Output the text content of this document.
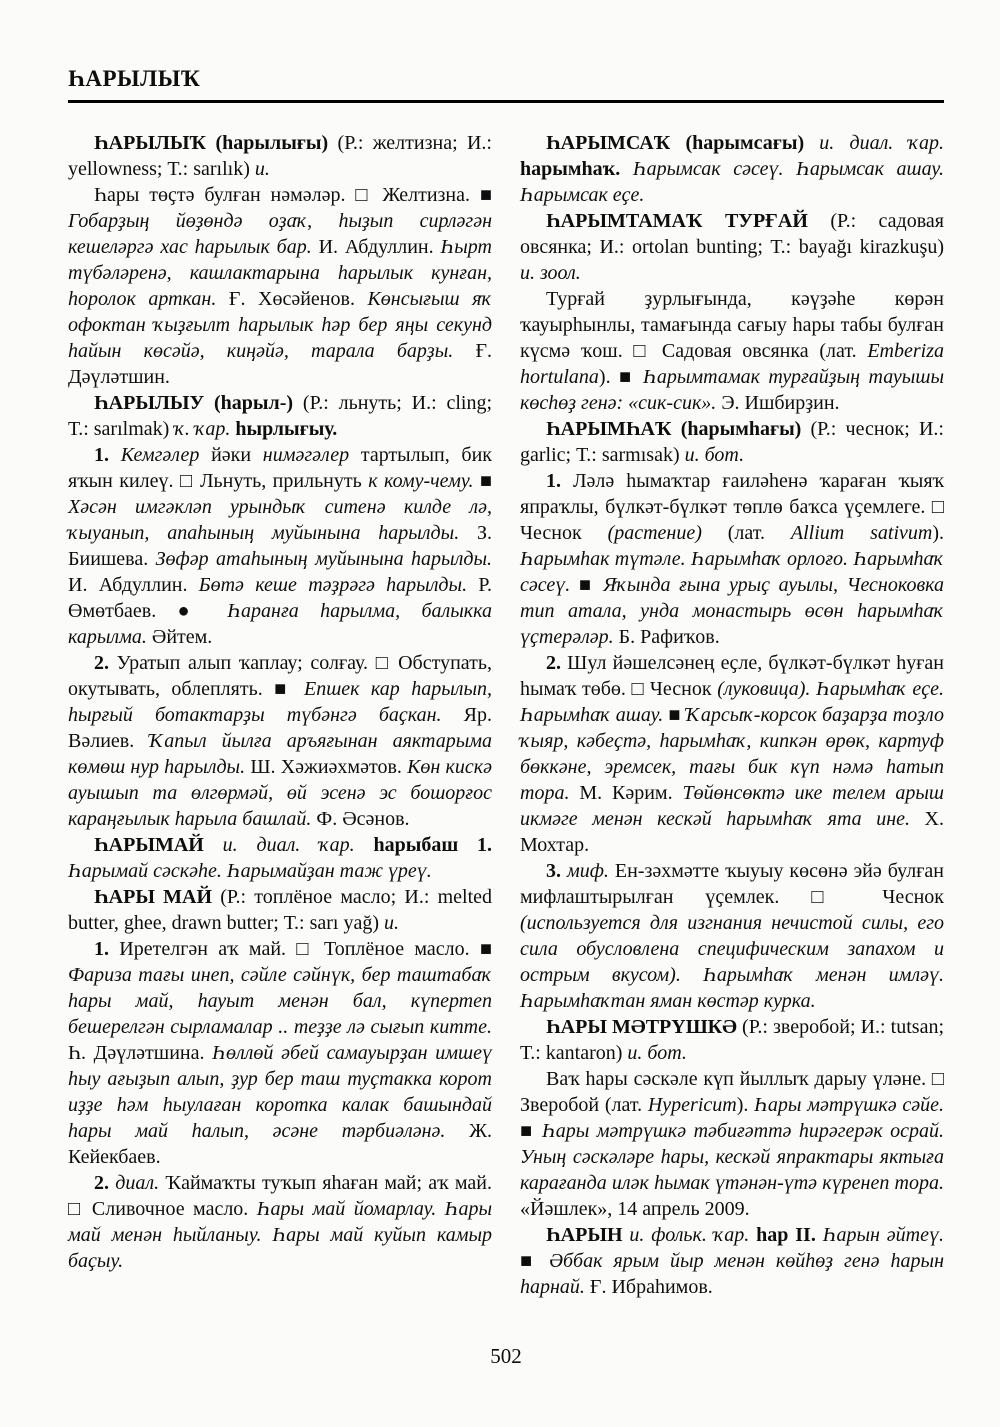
ҺАРЫЛЫҠ

ҺАРЫЛЫҠ (һарылығы) (Р.: желтизна; И.: yellowness; Т.: sarılık) и.

Һары төҫтә булған нәмәләр. □ Желтизна. ■ Гобарҙың йөҙөндә оҙаҡ, һыҙып сирләгән кешеләргә хас һарылык бар. И. Абдуллин. Һырт түбәләренә, кашлактарына һарылык кунған, һоролок арткан. Ғ. Хөсәйенов. Көнсығыш яҡ офоктан ҡыҙғылт һарылык һәр бер яңы секунд һайын көсәйә, киңәйә, тарала барҙы. Ғ. Дәүләтшин.

ҺАРЫЛЫУ (һарыл-) (Р.: льнуть; И.: cling; Т.: sarılmak) ҡ. ҡар. һырлығыу.

1. Кемгәлер йәки нимәгәлер тартылып, бик яҡын килеү. □ Льнуть, прильнуть к кому-чему. ■ Хәсән имгәкләп урындыҡ ситенә килде лә, ҡыуанып, апаһының муйынына һарылды. З. Биишева. Зөфәр атаһының муйынына һарылды. И. Абдуллин. Бөтә кеше тәҙрәгә һарылды. Р. Өмөтбаев. ● Һаранға һарылма, балыкка карылма. Әйтем.

2. Уратып алып ҡаплау; солғау. □ Обступать, окутывать, облеплять. ■ Епшек кар һарылып, һырғый ботактарҙы түбәнгә баҫкан. Яр. Вәлиев. Ҡапыл йылға аръяғынан аяктарыма көмөш нур һарылды. Ш. Хәжиәхмәтов. Көн кискә ауышып та өлгөрмәй, өй эсенә эс бошорғос караңғылык һарыла башлай. Ф. Әсәнов.

ҺАРЫМАЙ и. диал. ҡар. һарыбаш 1. Һарымай сәскәһе. Һарымайҙан таж үреү.

ҺАРЫ МАЙ (Р.: топлёное масло; И.: melted butter, ghee, drawn butter; Т.: sarı yağ) и.

1. Иретелгән аҡ май. □ Топлёное масло. ■ Фариза тағы инеп, сәйле сәйнүк, бер таштабаҡ һары май, һауыт менән бал, күпертеп бешерелгән сырламалар .. теҙҙе лә сығып китте. Һ. Дәүләтшина. Һөллөй әбей самауырҙан имшеү һыу ағыҙып алып, ҙур бер таш туҫтакка корот иҙҙе һәм һыулаған коротка калак башындай һары май һалып, әсәне тәрбиәләнә. Ж. Кейекбаев.

2. диал. Ҡаймаҡты туҡып яһаған май; аҡ май. □ Сливочное масло. Һары май йомарлау. Һары май менән һыйланыу. Һары май куйып камыр баҫыу.

ҺАРЫМСАҠ (һарымсағы) и. диал. ҡар. һарымһаҡ. Һарымсак сәсеү. Һарымсак ашау. Һарымсак еҫе.

ҺАРЫМТАМАҠ ТУРҒАЙ (Р.: садовая овсянка; И.: ortolan bunting; Т.: bayağı kirazkuşu) и. зоол.

Турғай ҙурлығында, кәүҙәһе көрән ҡауырһынлы, тамағында сағыу һары табы булған күсмә ҡош. □ Садовая овсянка (лат. Emberiza hortulana). ■ Һарымтамак турғайҙың тауышы көсһөҙ генә: «сик-сик». Э. Ишбирҙин.

ҺАРЫМҺАҠ (һарымһағы) (Р.: чеснок; И.: garlic; Т.: sarmısak) и. бот.

1. Ләлә һымаҡтар ғаиләһенә ҡараған ҡыяҡ япраҡлы, бүлкәт-бүлкәт төплө баҡса үҫемлеге. □ Чеснок (растение) (лат. Allium sativum). Һарымһак түтәле. Һарымһаҡ орлоғо. Һарымһаҡ сәсеү. ■ Яҡында ғына урыҫ ауылы, Чесноковка тип атала, унда монастырь өсөн һарымһаҡ үҫтерәләр. Б. Рафиҡов.

2. Шул йәшелсәнең еҫле, бүлкәт-бүлкәт һуған һымаҡ төбө. □ Чеснок (луковица). Һарымһаҡ еҫе. Һарымһаҡ ашау. ■ Ҡарсыҡ-корсок баҙарҙа тоҙло ҡыяр, кәбеҫтә, һарымһаҡ, кипкән өрөк, картуф бөккәне, эремсек, тағы бик күп нәмә һатып тора. М. Кәрим. Төйөнсөктә ике телем арыш икмәге менән кескәй һарымһаҡ ята ине. Х. Мохтар.

3. миф. Ен-зәхмәтте ҡыуыу көсөнә эйә булған мифлаштырылған үҫемлек. □ Чеснок (используется для изгнания нечистой силы, его сила обусловлена специфическим запахом и острым вкусом). Һарымһаҡ менән имләү. Һарымһаҡтан яман көстәр курка.

ҺАРЫ МӘТРҮШКӘ (Р.: зверобой; И.: tutsan; Т.: kantaron) и. бот.

Ваҡ һары сәскәле күп йыллыҡ дарыу үләне. □ Зверобой (лат. Hypericum). Һары мәтрүшкә сәйе. ■ Һары мәтрүшкә тәбиғәттә һирәгерәк осрай. Уның сәскәләре һары, кескәй япрактары яктыға карағанда иләк һымак үтәнән-үтә күренеп тора. «Йәшлек», 14 апрель 2009.

ҺАРЫН и. фольк. ҡар. һар II. Һарын әйтеү. ■ Әббак ярым йыр менән көйһөҙ генә һарын һарнай. Ғ. Ибраһимов.

502
